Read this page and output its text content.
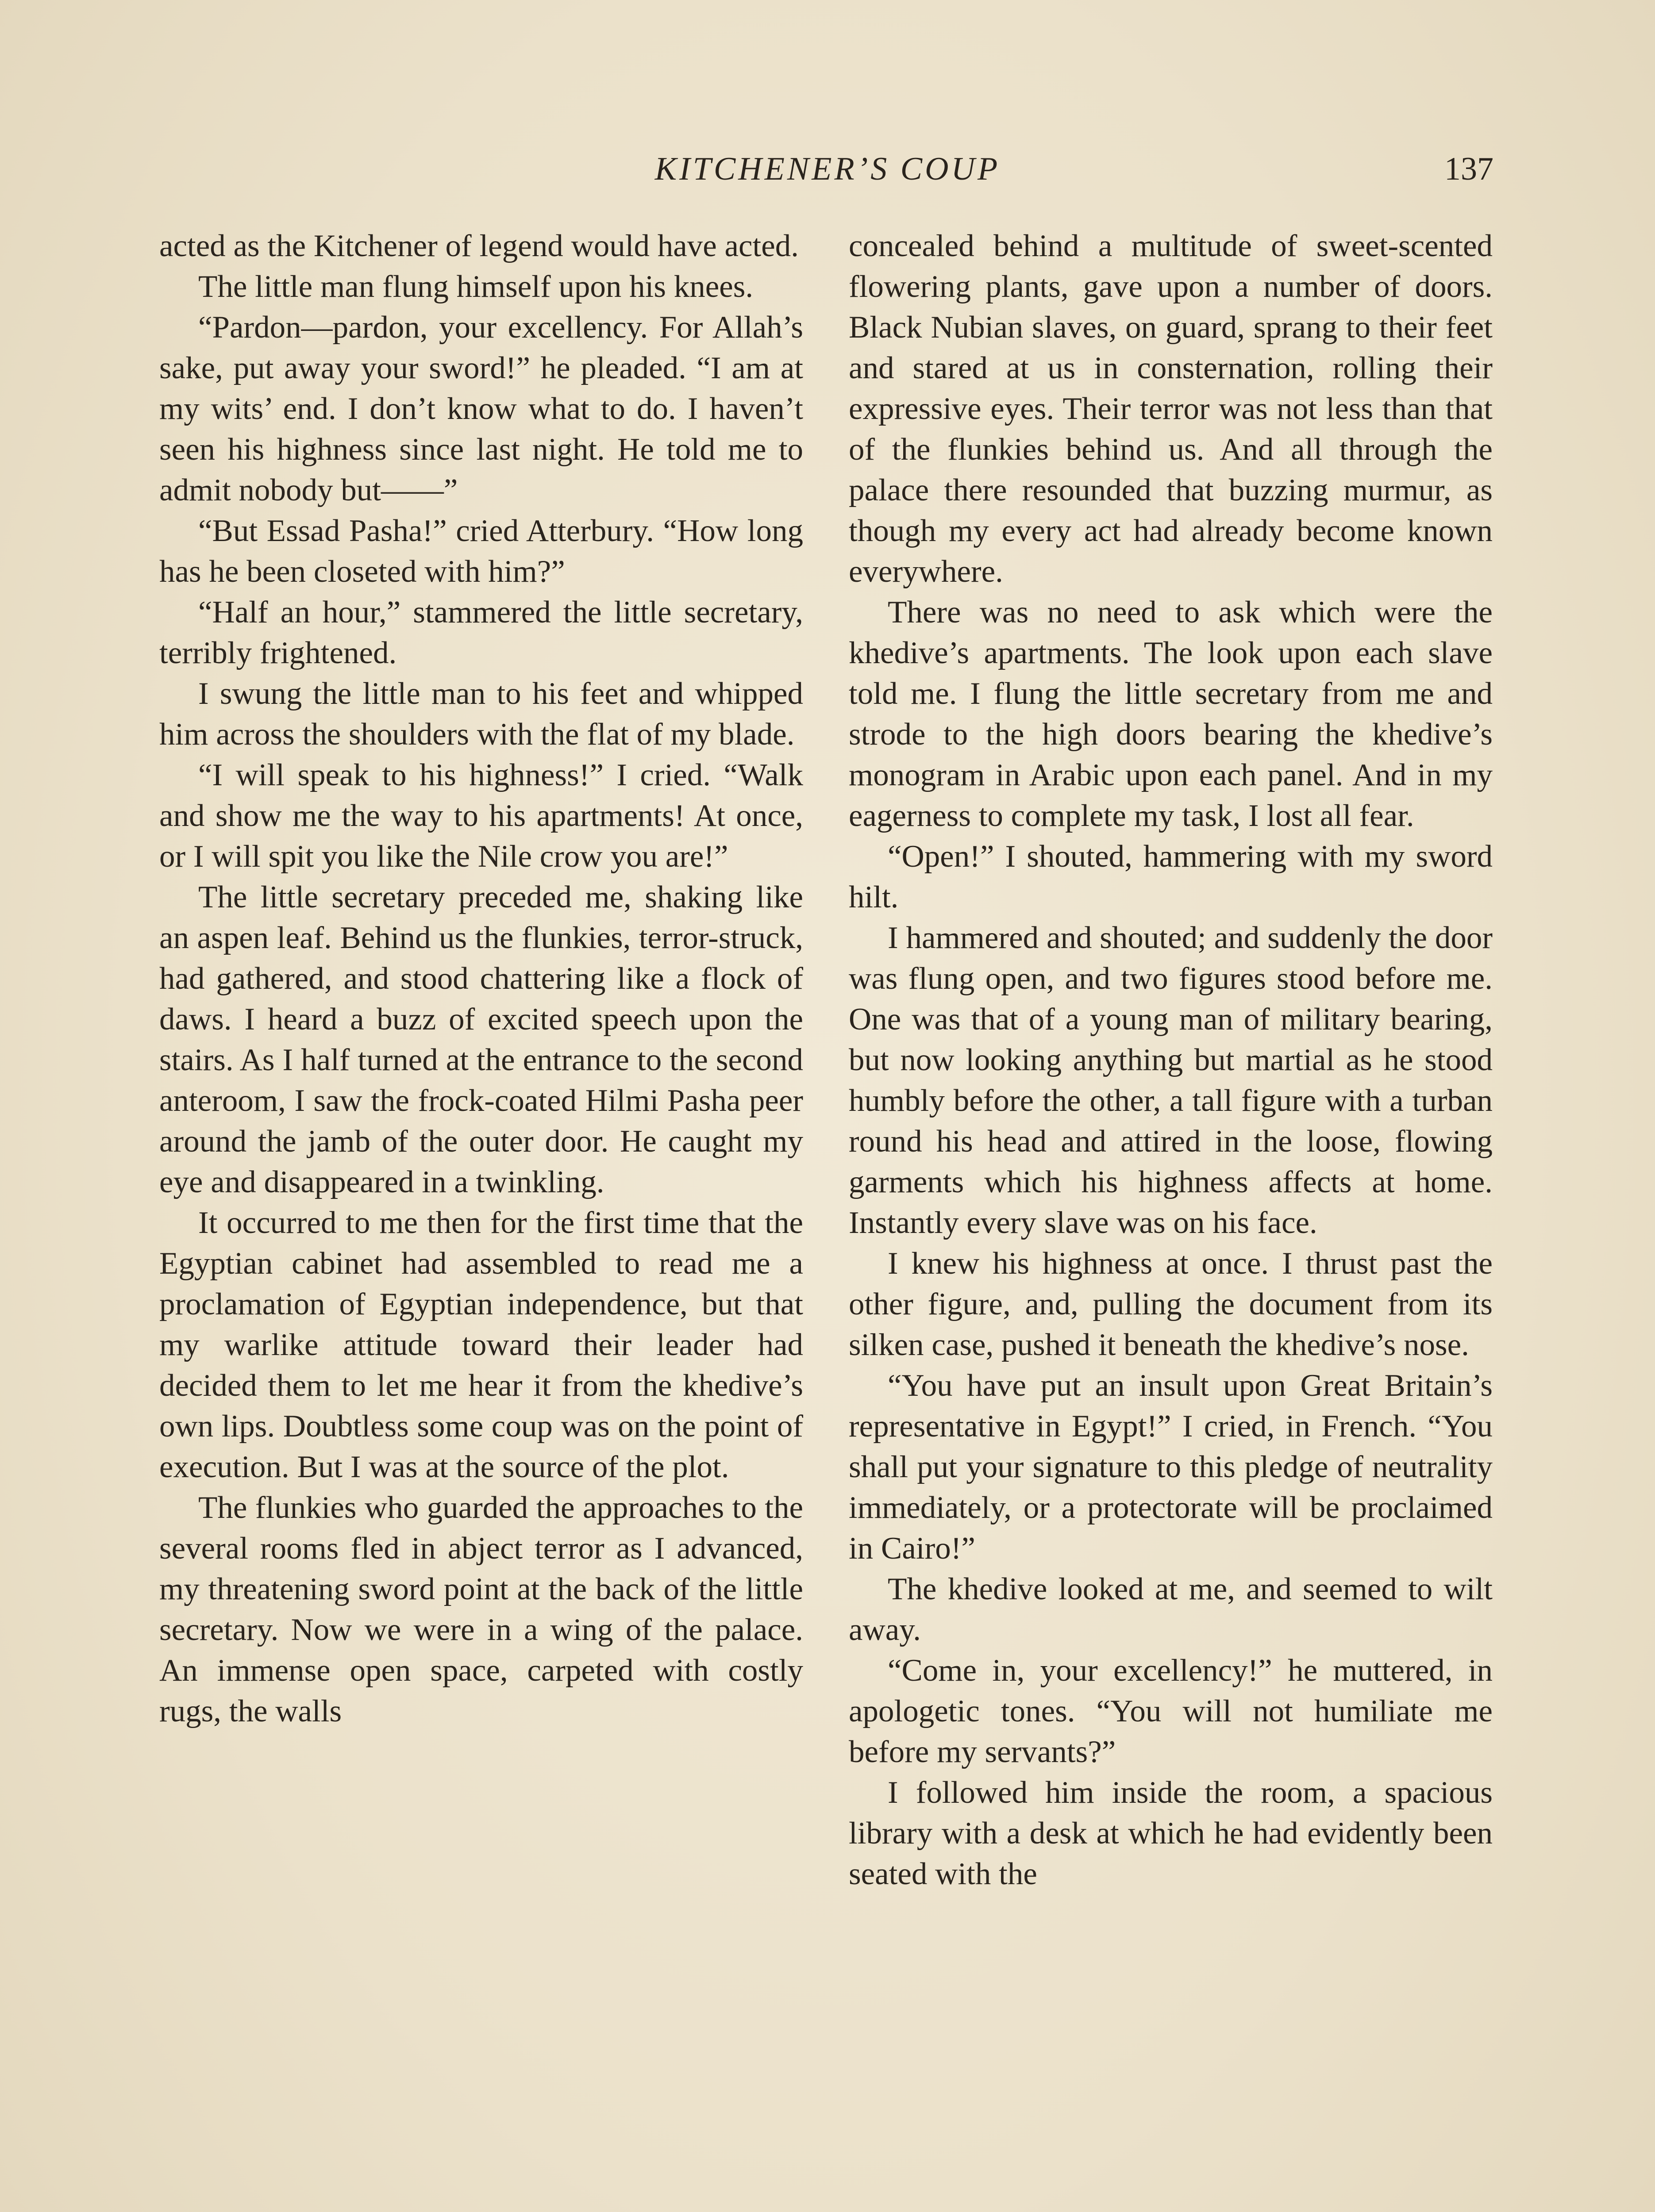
KITCHENER’S COUP	137

acted as the Kitchener of legend would have acted.

The little man flung himself upon his knees.

“Pardon—pardon, your excellency. For Allah’s sake, put away your sword!” he pleaded. “I am at my wits’ end. I don’t know what to do. I haven’t seen his highness since last night. He told me to admit nobody but——”

“But Essad Pasha!” cried Atterbury. “How long has he been closeted with him?”

“Half an hour,” stammered the little secretary, terribly frightened.

I swung the little man to his feet and whipped him across the shoulders with the flat of my blade.

“I will speak to his highness!” I cried. “Walk and show me the way to his apartments! At once, or I will spit you like the Nile crow you are!”

The little secretary preceded me, shaking like an aspen leaf. Behind us the flunkies, terror-struck, had gathered, and stood chattering like a flock of daws. I heard a buzz of excited speech upon the stairs. As I half turned at the entrance to the second anteroom, I saw the frock-coated Hilmi Pasha peer around the jamb of the outer door. He caught my eye and disappeared in a twinkling.

It occurred to me then for the first time that the Egyptian cabinet had assembled to read me a proclamation of Egyptian independence, but that my warlike attitude toward their leader had decided them to let me hear it from the khedive’s own lips. Doubtless some coup was on the point of execution. But I was at the source of the plot.

The flunkies who guarded the approaches to the several rooms fled in abject terror as I advanced, my threatening sword point at the back of the little secretary. Now we were in a wing of the palace. An immense open space, carpeted with costly rugs, the walls

concealed behind a multitude of sweet-scented flowering plants, gave upon a number of doors. Black Nubian slaves, on guard, sprang to their feet and stared at us in consternation, rolling their expressive eyes. Their terror was not less than that of the flunkies behind us. And all through the palace there resounded that buzzing murmur, as though my every act had already become known everywhere.

There was no need to ask which were the khedive’s apartments. The look upon each slave told me. I flung the little secretary from me and strode to the high doors bearing the khedive’s monogram in Arabic upon each panel. And in my eagerness to complete my task, I lost all fear.

“Open!” I shouted, hammering with my sword hilt.

I hammered and shouted; and suddenly the door was flung open, and two figures stood before me. One was that of a young man of military bearing, but now looking anything but martial as he stood humbly before the other, a tall figure with a turban round his head and attired in the loose, flowing garments which his highness affects at home. Instantly every slave was on his face.

I knew his highness at once. I thrust past the other figure, and, pulling the document from its silken case, pushed it beneath the khedive’s nose.

“You have put an insult upon Great Britain’s representative in Egypt!” I cried, in French. “You shall put your signature to this pledge of neutrality immediately, or a protectorate will be proclaimed in Cairo!”

The khedive looked at me, and seemed to wilt away.

“Come in, your excellency!” he muttered, in apologetic tones. “You will not humiliate me before my servants?”

I followed him inside the room, a spacious library with a desk at which he had evidently been seated with the
